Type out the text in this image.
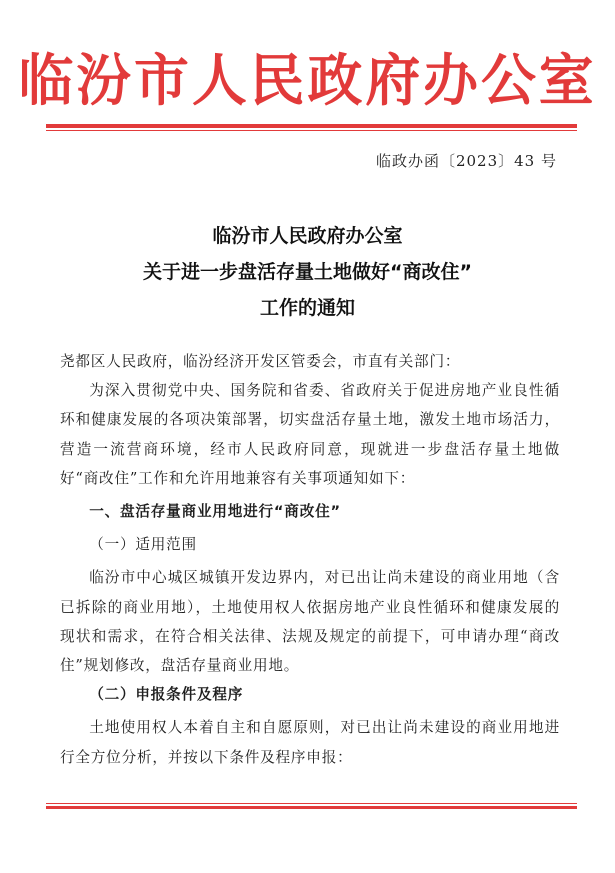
临汾市人民政府办公室
临政办函〔2023〕43 号
临汾市人民政府办公室
关于进一步盘活存量土地做好“商改住”
工作的通知

尧都区人民政府，临汾经济开发区管委会，市直有关部门：

为深入贯彻党中央、国务院和省委、省政府关于促进房地产业良性循环和健康发展的各项决策部署，切实盘活存量土地，激发土地市场活力，营造一流营商环境，经市人民政府同意，现就进一步盘活存量土地做好“商改住”工作和允许用地兼容有关事项通知如下：

一、盘活存量商业用地进行“商改住”

（一）适用范围

临汾市中心城区城镇开发边界内，对已出让尚未建设的商业用地（含已拆除的商业用地），土地使用权人依据房地产业良性循环和健康发展的现状和需求，在符合相关法律、法规及规定的前提下，可申请办理“商改住”规划修改，盘活存量商业用地。

（二）申报条件及程序

土地使用权人本着自主和自愿原则，对已出让尚未建设的商业用地进行全方位分析，并按以下条件及程序申报：
